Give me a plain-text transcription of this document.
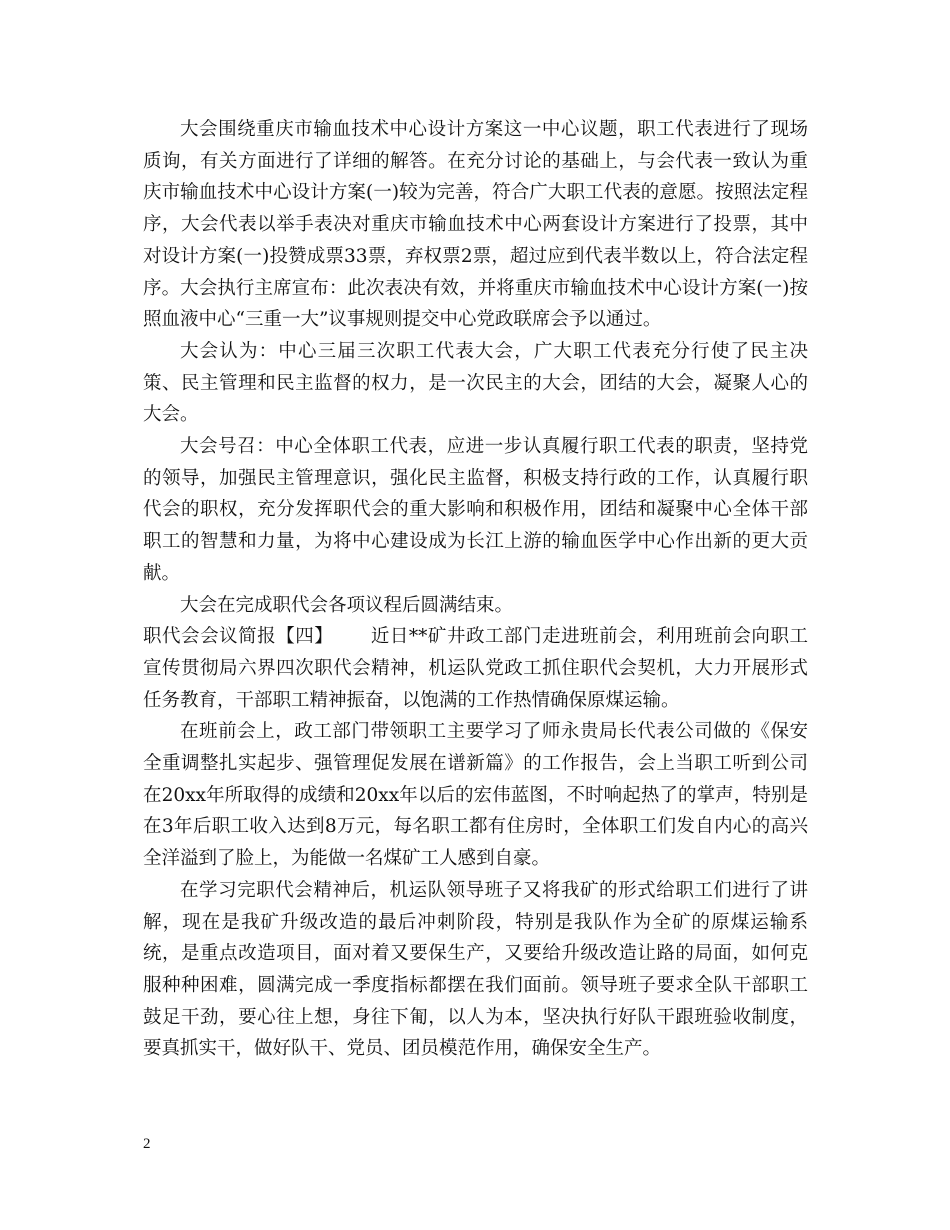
大会围绕重庆市输血技术中心设计方案这一中心议题，职工代表进行了现场质询，有关方面进行了详细的解答。在充分讨论的基础上，与会代表一致认为重庆市输血技术中心设计方案(一)较为完善，符合广大职工代表的意愿。按照法定程序，大会代表以举手表决对重庆市输血技术中心两套设计方案进行了投票，其中对设计方案(一)投赞成票33票，弃权票2票，超过应到代表半数以上，符合法定程序。大会执行主席宣布：此次表决有效，并将重庆市输血技术中心设计方案(一)按照血液中心“三重一大”议事规则提交中心党政联席会予以通过。

大会认为：中心三届三次职工代表大会，广大职工代表充分行使了民主决策、民主管理和民主监督的权力，是一次民主的大会，团结的大会，凝聚人心的大会。

大会号召：中心全体职工代表，应进一步认真履行职工代表的职责，坚持党的领导，加强民主管理意识，强化民主监督，积极支持行政的工作，认真履行职代会的职权，充分发挥职代会的重大影响和积极作用，团结和凝聚中心全体干部职工的智慧和力量，为将中心建设成为长江上游的输血医学中心作出新的更大贡献。

大会在完成职代会各项议程后圆满结束。

职代会会议简报【四】 近日**矿井政工部门走进班前会，利用班前会向职工宣传贯彻局六界四次职代会精神，机运队党政工抓住职代会契机，大力开展形式任务教育，干部职工精神振奋，以饱满的工作热情确保原煤运输。

在班前会上，政工部门带领职工主要学习了师永贵局长代表公司做的《保安全重调整扎实起步、强管理促发展在谱新篇》的工作报告，会上当职工听到公司在20xx年所取得的成绩和20xx年以后的宏伟蓝图，不时响起热了的掌声，特别是在3年后职工收入达到8万元，每名职工都有住房时，全体职工们发自内心的高兴全洋溢到了脸上，为能做一名煤矿工人感到自豪。

在学习完职代会精神后，机运队领导班子又将我矿的形式给职工们进行了讲解，现在是我矿升级改造的最后冲刺阶段，特别是我队作为全矿的原煤运输系统，是重点改造项目，面对着又要保生产，又要给升级改造让路的局面，如何克服种种困难，圆满完成一季度指标都摆在我们面前。领导班子要求全队干部职工鼓足干劲，要心往上想，身往下匍，以人为本，坚决执行好队干跟班验收制度，要真抓实干，做好队干、党员、团员模范作用，确保安全生产。

2
